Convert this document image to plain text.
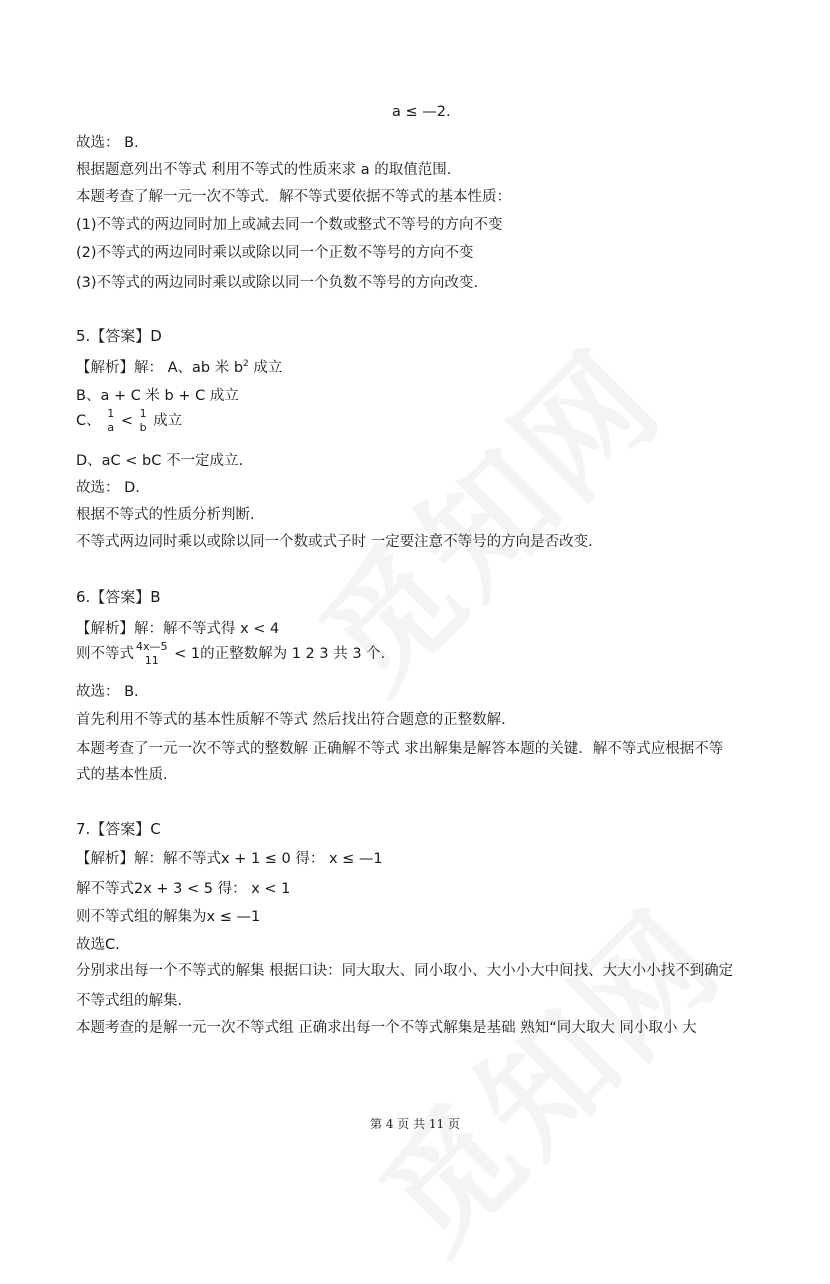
a ≤ —2.
故选： B.
根据题意列出不等式 利用不等式的性质来求 a 的取值范围.
本题考查了解一元一次不等式．解不等式要依据不等式的基本性质：
(1)不等式的两边同时加上或减去同一个数或整式不等号的方向不变
(2)不等式的两边同时乘以或除以同一个正数不等号的方向不变
(3)不等式的两边同时乘以或除以同一个负数不等号的方向改变.
5.【答案】D
【解析】解： A、ab 米 $b^2$ 成立
B、a + C 米 b + C 成立
C、 1
a < 1
b 成立
D、aC < bC 不一定成立.
故选： D.
根据不等式的性质分析判断.
不等式两边同时乘以或除以同一个数或式子时 一定要注意不等号的方向是否改变.
6.【答案】B
【解析】解：解不等式得 x < 4
则不等式 4x—5
11 < 1的正整数解为 1 2 3 共 3 个.
故选： B.
首先利用不等式的基本性质解不等式 然后找出符合题意的正整数解.
本题考查了一元一次不等式的整数解 正确解不等式 求出解集是解答本题的关键．解不等式应根据不等
式的基本性质.
7.【答案】C
【解析】解：解不等式x + 1 ≤ 0 得： x ≤ —1
解不等式2x + 3 < 5 得： x < 1
则不等式组的解集为x ≤ —1
故选C.
分别求出每一个不等式的解集 根据口诀：同大取大、同小取小、大小小大中间找、大大小小找不到确定
不等式组的解集.
本题考查的是解一元一次不等式组 正确求出每一个不等式解集是基础 熟知“同大取大 同小取小 大
第 4 页 共 11 页
